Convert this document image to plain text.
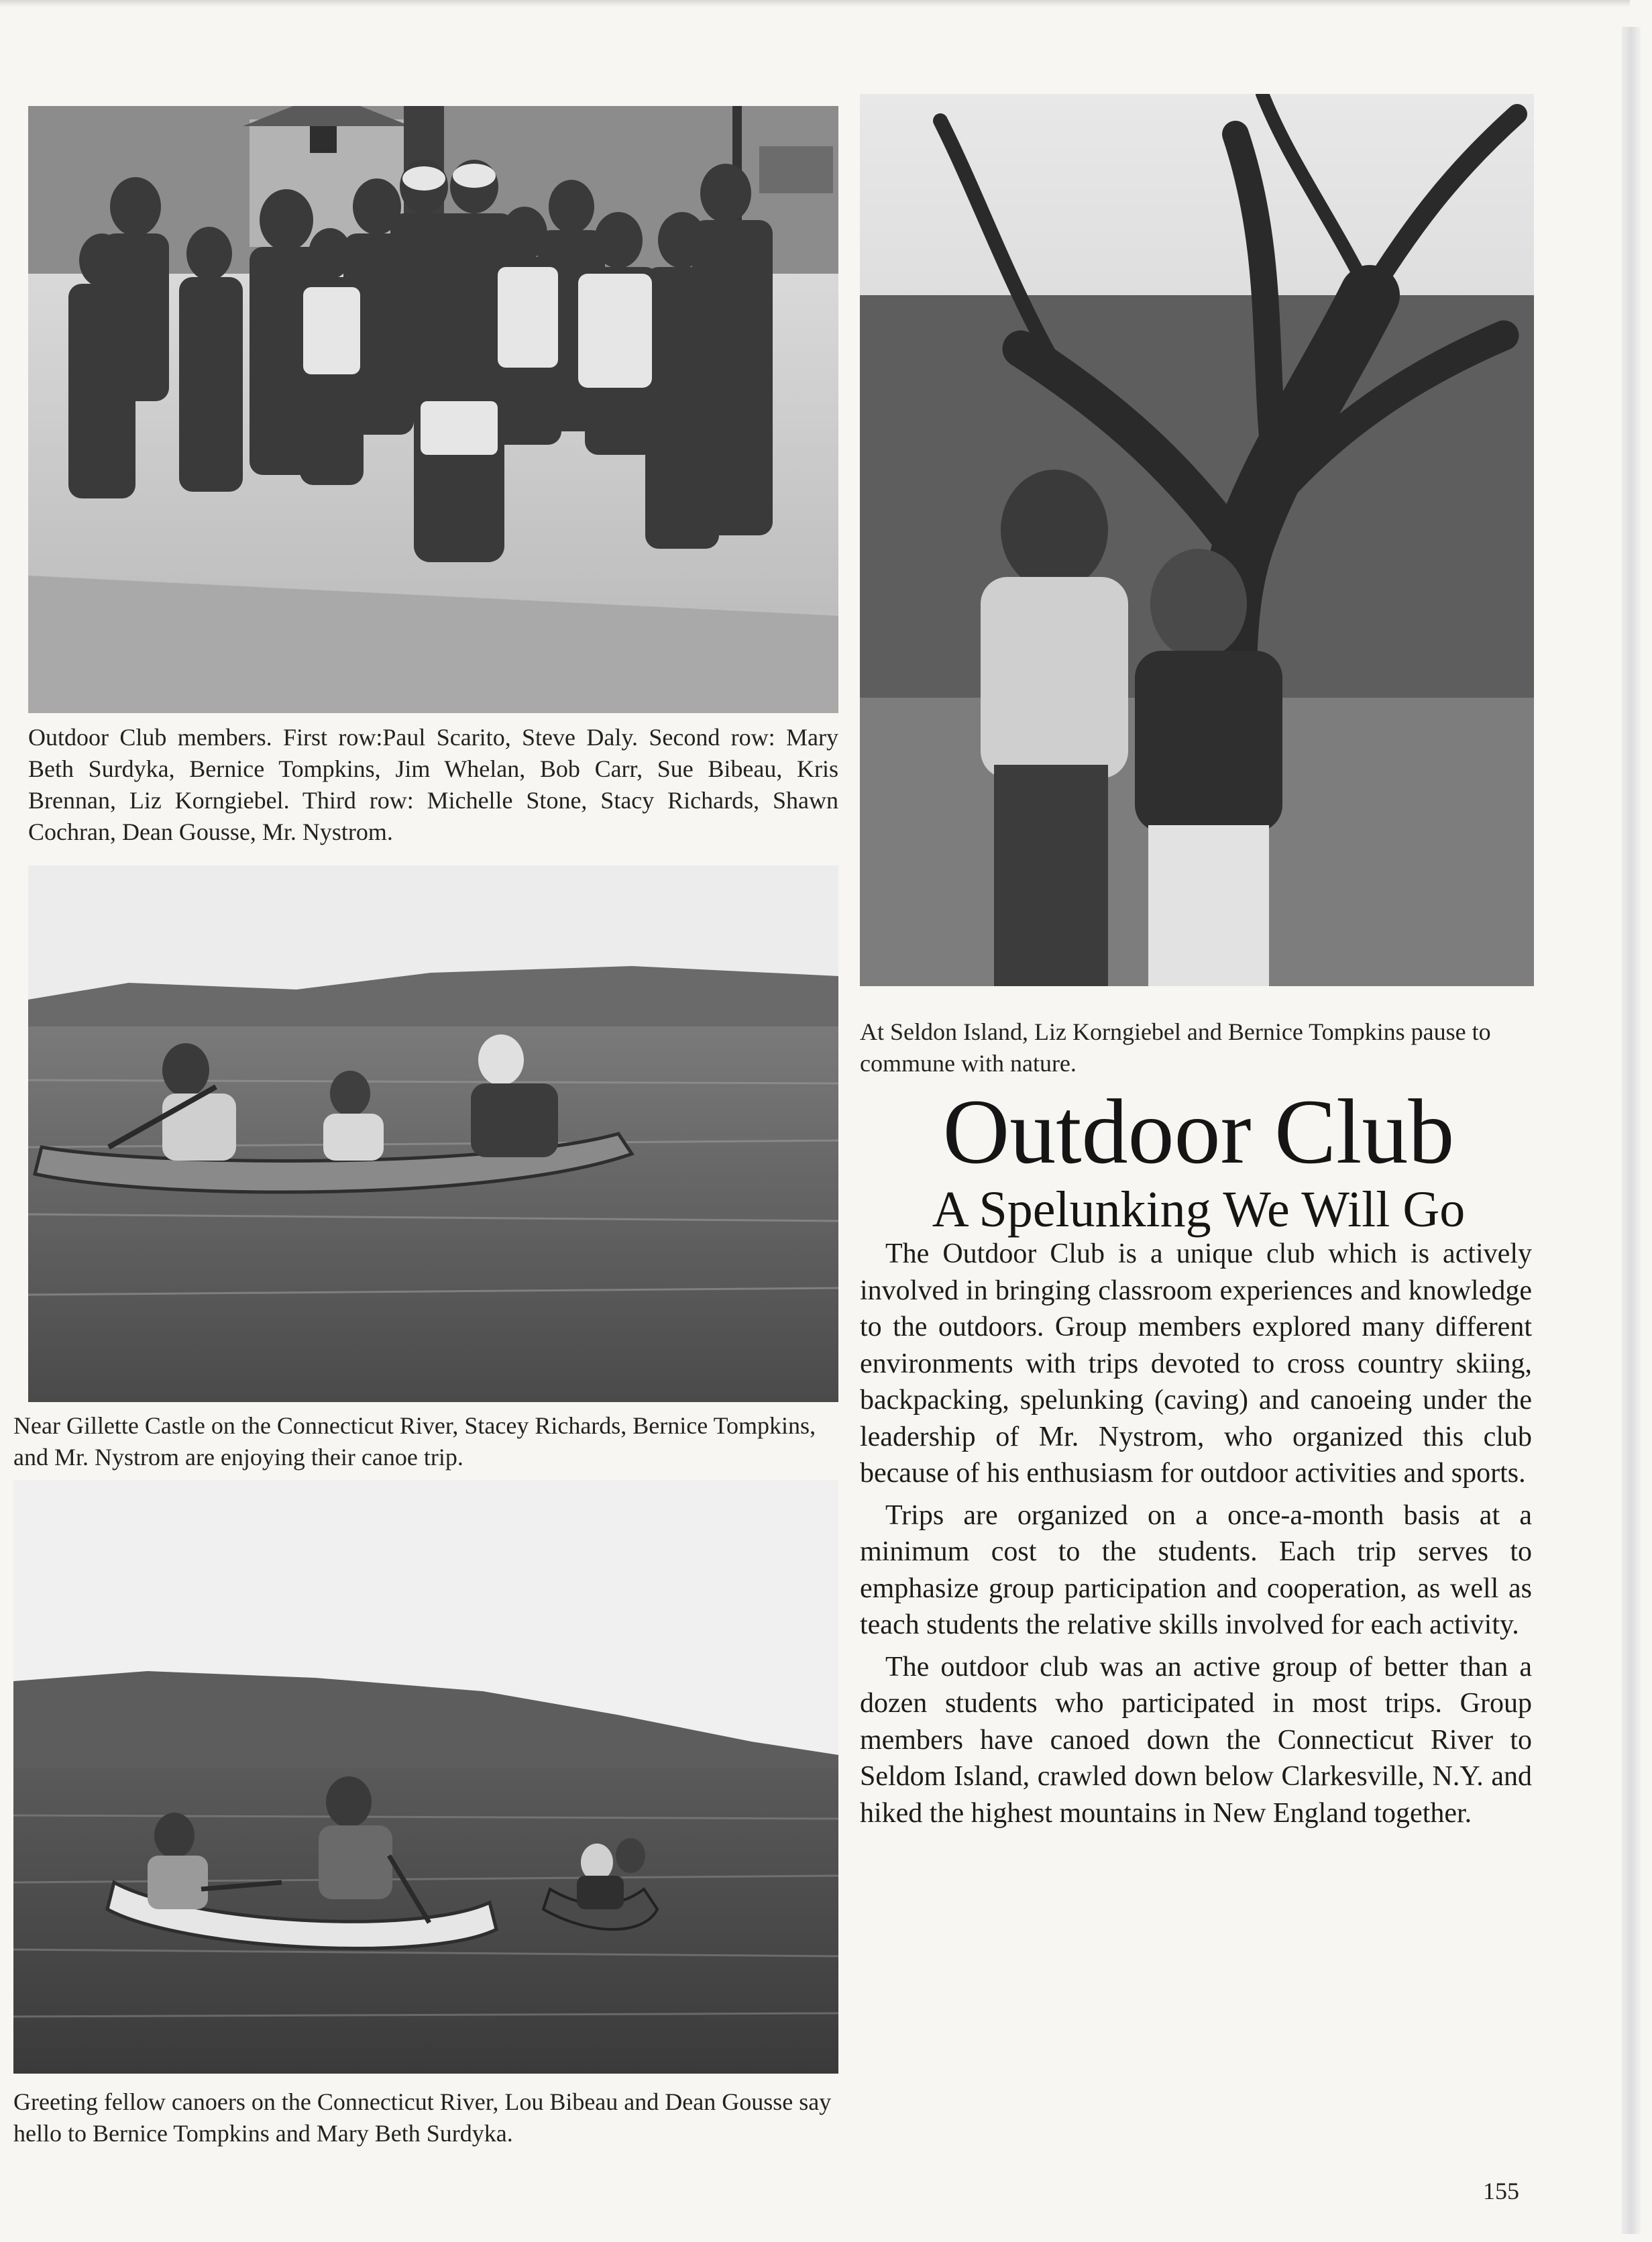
Outdoor Club members. First row:Paul Scarito, Steve Daly. Second row: Mary Beth Surdyka, Bernice Tompkins, Jim Whelan, Bob Carr, Sue Bibeau, Kris Brennan, Liz Korngiebel. Third row: Michelle Stone, Stacy Richards, Shawn Cochran, Dean Gousse, Mr. Nystrom.
At Seldon Island, Liz Korngiebel and Bernice Tompkins pause to commune with nature.
Outdoor Club
A Spelunking We Will Go

The Outdoor Club is a unique club which is actively involved in bringing classroom experiences and knowledge to the outdoors. Group members explored many different environments with trips devoted to cross country skiing, backpacking, spelunking (caving) and canoeing under the leadership of Mr. Nystrom, who organized this club because of his enthusiasm for outdoor activities and sports.

Trips are organized on a once-a-month basis at a minimum cost to the students. Each trip serves to emphasize group participation and cooperation, as well as teach students the relative skills involved for each activity.

The outdoor club was an active group of better than a dozen students who participated in most trips. Group members have canoed down the Connecticut River to Seldom Island, crawled down below Clarkesville, N.Y. and hiked the highest mountains in New England together.

Near Gillette Castle on the Connecticut River, Stacey Richards, Bernice Tompkins, and Mr. Nystrom are enjoying their canoe trip.
Greeting fellow canoers on the Connecticut River, Lou Bibeau and Dean Gousse say hello to Bernice Tompkins and Mary Beth Surdyka.
155
